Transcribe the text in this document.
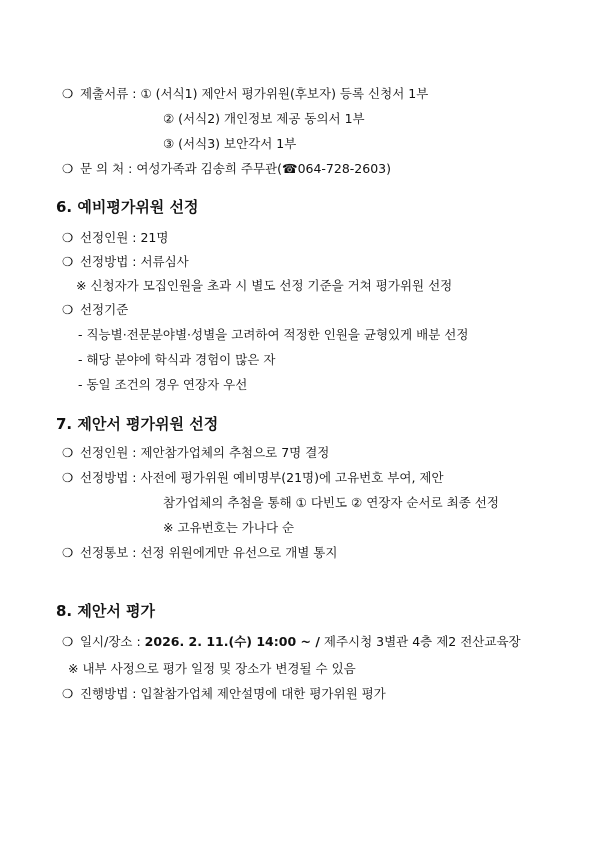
❍ 제출서류 : ① (서식1) 제안서 평가위원(후보자) 등록 신청서 1부
② (서식2) 개인정보 제공 동의서 1부
③ (서식3) 보안각서 1부
❍ 문 의 처 : 여성가족과 김송희 주무관(☎064-728-2603)
6. 예비평가위원 선정
❍ 선정인원 : 21명
❍ 선정방법 : 서류심사
※ 신청자가 모집인원을 초과 시 별도 선정 기준을 거쳐 평가위원 선정
❍ 선정기준
- 직능별·전문분야별·성별을 고려하여 적정한 인원을 균형있게 배분 선정
- 해당 분야에 학식과 경험이 많은 자
- 동일 조건의 경우 연장자 우선
7. 제안서 평가위원 선정
❍ 선정인원 : 제안참가업체의 추첨으로 7명 결정
❍ 선정방법 : 사전에 평가위원 예비명부(21명)에 고유번호 부여, 제안
참가업체의 추첨을 통해 ① 다빈도 ② 연장자 순서로 최종 선정
※ 고유번호는 가나다 순
❍ 선정통보 : 선정 위원에게만 유선으로 개별 통지
8. 제안서 평가
❍ 일시/장소 : 2026. 2. 11.(수) 14:00 ~ / 제주시청 3별관 4층 제2 전산교육장
※ 내부 사정으로 평가 일정 및 장소가 변경될 수 있음
❍ 진행방법 : 입찰참가업체 제안설명에 대한 평가위원 평가
